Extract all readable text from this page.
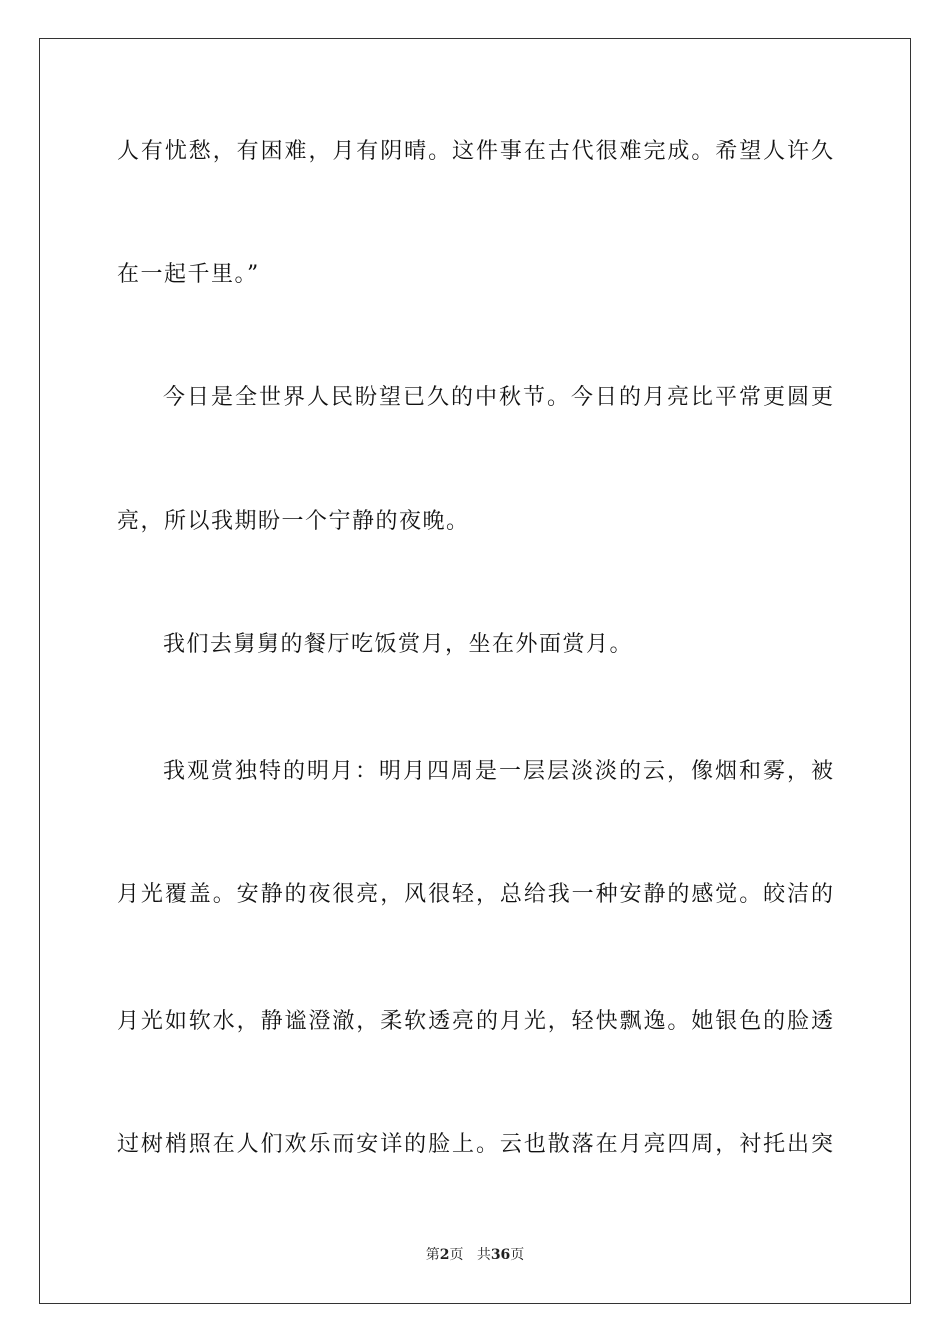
人有忧愁，有困难，月有阴晴。这件事在古代很难完成。希望人许久
在一起千里。”
今日是全世界人民盼望已久的中秋节。今日的月亮比平常更圆更
亮，所以我期盼一个宁静的夜晚。
我们去舅舅的餐厅吃饭赏月，坐在外面赏月。
我观赏独特的明月：明月四周是一层层淡淡的云，像烟和雾，被
月光覆盖。安静的夜很亮，风很轻，总给我一种安静的感觉。皎洁的
月光如软水，静谧澄澈，柔软透亮的月光，轻快飘逸。她银色的脸透
过树梢照在人们欢乐而安详的脸上。云也散落在月亮四周，衬托出突
第2页 共36页
